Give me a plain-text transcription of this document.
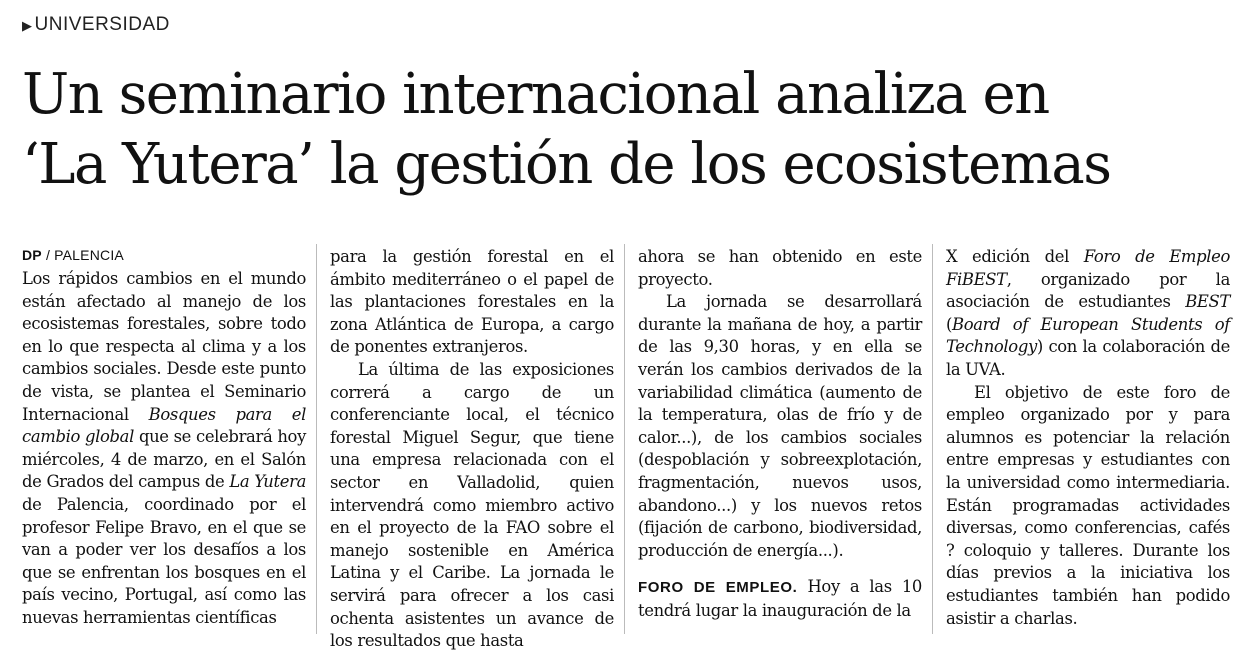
▶ UNIVERSIDAD
Un seminario internacional analiza en
‘La Yutera’ la gestión de los ecosistemas
DP / PALENCIA

Los rápidos cambios en el mundo están afectado al manejo de los ecosistemas forestales, sobre todo en lo que respecta al clima y a los cambios sociales. Desde este punto de vista, se plantea el Seminario Internacional Bosques para el cambio global que se celebrará hoy miércoles, 4 de marzo, en el Salón de Grados del campus de La Yutera de Palencia, coordinado por el profesor Felipe Bravo, en el que se van a poder ver los desafíos a los que se enfrentan los bosques en el país vecino, Portugal, así como las nuevas herramientas científicas

para la gestión forestal en el ámbito mediterráneo o el papel de las plantaciones forestales en la zona Atlántica de Europa, a cargo de ponentes extranjeros.

La última de las exposiciones correrá a cargo de un conferenciante local, el técnico forestal Miguel Segur, que tiene una empresa relacionada con el sector en Valladolid, quien intervendrá como miembro activo en el proyecto de la FAO sobre el manejo sostenible en América Latina y el Caribe. La jornada le servirá para ofrecer a los casi ochenta asistentes un avance de los resultados que hasta

ahora se han obtenido en este proyecto.

La jornada se desarrollará durante la mañana de hoy, a partir de las 9,30 horas, y en ella se verán los cambios derivados de la variabilidad climática (aumento de la temperatura, olas de frío y de calor...), de los cambios sociales (despoblación y sobreexplotación, fragmentación, nuevos usos, abandono...) y los nuevos retos (fijación de carbono, biodiversidad, producción de energía...).

FORO DE EMPLEO. Hoy a las 10 tendrá lugar la inauguración de la

X edición del Foro de Empleo FiBEST, organizado por la asociación de estudiantes BEST (Board of European Students of Technology) con la colaboración de la UVA.

El objetivo de este foro de empleo organizado por y para alumnos es potenciar la relación entre empresas y estudiantes con la universidad como intermediaria. Están programadas actividades diversas, como conferencias, cafés ? coloquio y talleres. Durante los días previos a la iniciativa los estudiantes también han podido asistir a charlas.
